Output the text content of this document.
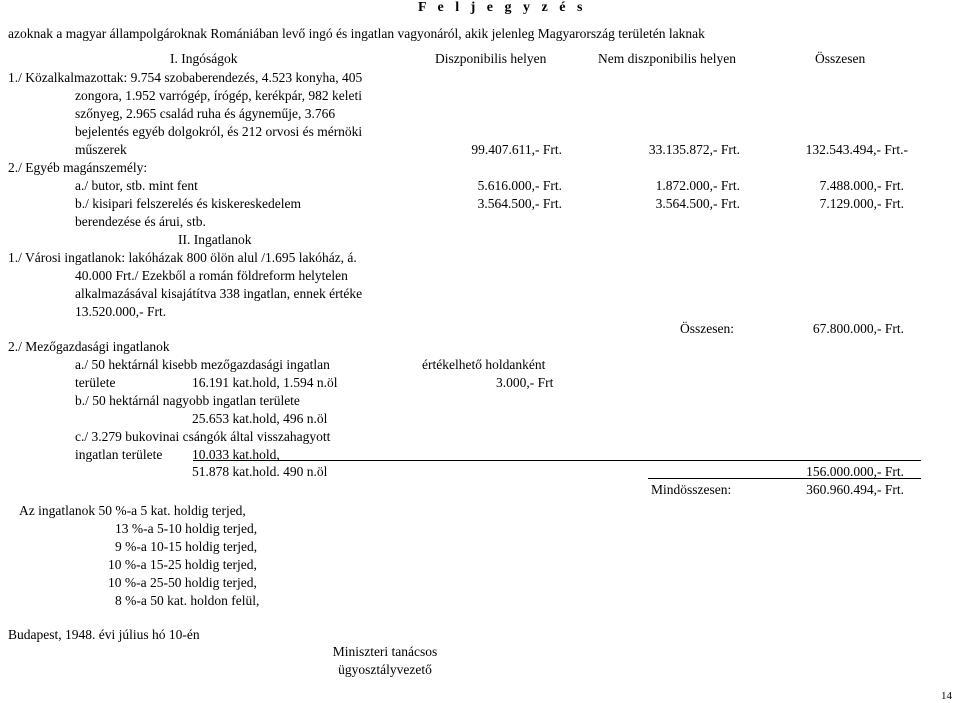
F e l j e g y z é s
azoknak a magyar állampolgároknak Romániában levő ingó és ingatlan vagyonáról, akik jelenleg Magyarország területén laknak
I. Ingóságok	Diszponibilis helyen	Nem diszponibilis helyen	Összesen
1./ Közalkalmazottak: 9.754 szobaberendezés, 4.523 konyha, 405
zongora, 1.952 varrógép, írógép, kerékpár, 982 keleti
szőnyeg, 2.965 család ruha és ágyneműje, 3.766
bejelentés egyéb dolgokról, és 212 orvosi és mérnöki
műszerek	99.407.611,- Frt.	33.135.872,- Frt.	132.543.494,- Frt.-
2./ Egyéb magánszemély:
a./ butor, stb. mint fent	5.616.000,- Frt.	1.872.000,- Frt.	7.488.000,- Frt.
b./ kisipari felszerelés és kiskereskedelem	3.564.500,- Frt.	3.564.500,- Frt.	7.129.000,- Frt.
berendezése és árui, stb.
II. Ingatlanok
1./ Városi ingatlanok: lakóházak 800 ölön alul /1.695 lakóház, á.
40.000 Frt./ Ezekből a román földreform helytelen
alkalmazásával kisajátítva 338 ingatlan, ennek értéke
13.520.000,- Frt.
Összesen:	67.800.000,- Frt.
2./ Mezőgazdasági ingatlanok
a./ 50 hektárnál kisebb mezőgazdasági ingatlan	értékelhető holdanként
területe	16.191 kat.hold, 1.594 n.öl	3.000,- Frt
b./ 50 hektárnál nagyobb ingatlan területe
25.653 kat.hold, 496 n.öl
c./ 3.279 bukovinai csángók által visszahagyott
ingatlan területe 10.033 kat.hold,
51.878 kat.hold. 490 n.öl	156.000.000,- Frt.
Mindösszesen:	360.960.494,- Frt.
Az ingatlanok 50 %-a 5 kat. holdig terjed,
13 %-a 5-10 holdig terjed,
9 %-a 10-15 holdig terjed,
10 %-a 15-25 holdig terjed,
10 %-a 25-50 holdig terjed,
8 %-a 50 kat. holdon felül,
Budapest, 1948. évi július hó 10-én
Miniszteri tanácsos
ügyosztályvezető
14
